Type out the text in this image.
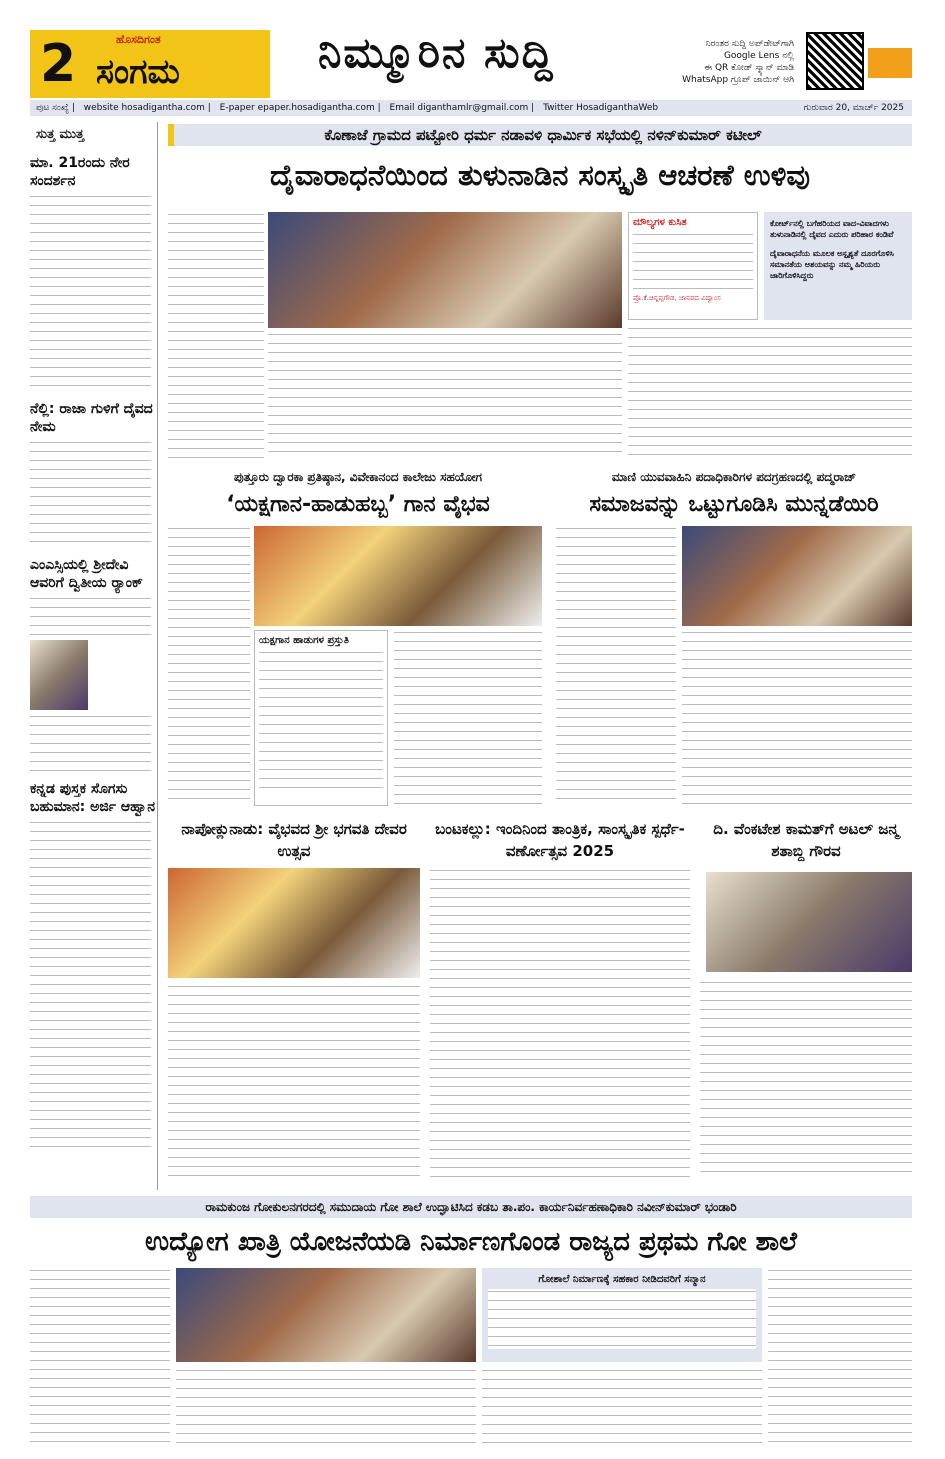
2	ಹೊಸದಿಗಂತ
ಸಂಗಮ	ನಿಮ್ಮೂರಿನ ಸುದ್ದಿ	ನಿರಂತರ ಸುದ್ದಿ ಅಪ್‌ಡೇಟ್‌ಗಾಗಿ
Google Lens ನಲ್ಲಿ
ಈ QR ಕೋಡ್ ಸ್ಕ್ಯಾನ್ ಮಾಡಿ
WhatsApp ಗ್ರೂಪ್ ಜಾಯಿನ್ ಆಗಿ
ಪುಟ ಸಂಖ್ಯೆ | website hosadigantha.com | E-paper epaper.hosadigantha.com | Email diganthamlr@gmail.com | Twitter HosadiganthaWeb	ಗುರುವಾರ 20, ಮಾರ್ಚ್ 2025
ಸುತ್ತ ಮುತ್ತ
ಮಾ. 21ರಂದು ನೇರ ಸಂದರ್ಶನ
ನೆಲ್ಲಿ: ರಾಜಾ ಗುಳಿಗೆ ದೈವದ ನೇಮ
ಎಂಎಸ್ಸಿಯಲ್ಲಿ ಶ್ರೀದೇವಿ ಆವರಿಗೆ ದ್ವಿತೀಯ ರ್‍ಯಾಂಕ್
ಕನ್ನಡ ಪುಸ್ತಕ ಸೊಗಸು ಬಹುಮಾನ: ಅರ್ಜಿ ಆಹ್ವಾನ
ಕೊಣಾಜೆ ಗ್ರಾಮದ ಪಟ್ಟೋರಿ ಧರ್ಮ ನಡಾವಳಿ ಧಾರ್ಮಿಕ ಸಭೆಯಲ್ಲಿ ನಳಿನ್‌ಕುಮಾರ್ ಕಟೀಲ್
ದೈವಾರಾಧನೆಯಿಂದ ತುಳುನಾಡಿನ ಸಂಸ್ಕೃತಿ ಆಚರಣೆ ಉಳಿವು
ಮೌಲ್ಯಗಳ ಕುಸಿತ
ಪ್ರೊ.ಕೆ.ಚಿನ್ನಪ್ಪಗೌಡ, ಜಾನಪದ ವಿದ್ವಾಂಸ
ಕೋರ್ಟ್‌ನಲ್ಲಿ ಬಗೆಹರಿಯದ ವಾದ-ವಿವಾದಗಳು ತುಳುನಾಡಿನಲ್ಲಿ ದೈವದ ಎದುರು ಪರಿಹಾರ ಕಂಡಿವೆ
ದೈವಾರಾಧನೆಯ ಮೂಲಕ ಅಸ್ಪೃಶ್ಯತೆ ದೂರಗೊಳಿಸಿ ಸಮಾನತೆಯ ಆಶಯವನ್ನು ನಮ್ಮ ಹಿರಿಯರು ಜಾರಿಗೊಳಿಸಿದ್ದರು
ಪುತ್ತೂರು ದ್ವಾರಕಾ ಪ್ರತಿಷ್ಠಾನ, ವಿವೇಕಾನಂದ ಕಾಲೇಜು ಸಹಯೋಗ
‘ಯಕ್ಷಗಾನ-ಹಾಡುಹಬ್ಬ’ ಗಾನ ವೈಭವ
ಯಕ್ಷಗಾನ ಹಾಡುಗಳ ಪ್ರಸ್ತುತಿ
ಮಾಣಿ ಯುವವಾಹಿನಿ ಪದಾಧಿಕಾರಿಗಳ ಪದಗ್ರಹಣದಲ್ಲಿ ಪದ್ಮರಾಜ್
ಸಮಾಜವನ್ನು ಒಟ್ಟುಗೂಡಿಸಿ ಮುನ್ನಡೆಯಿರಿ
ನಾಪೋಕ್ಲುನಾಡು: ವೈಭವದ ಶ್ರೀ ಭಗವತಿ ದೇವರ ಉತ್ಸವ
ಬಂಟಕಲ್ಲು: ಇಂದಿನಿಂದ ತಾಂತ್ರಿಕ, ಸಾಂಸ್ಕೃತಿಕ ಸ್ಪರ್ಧೆ-ವರ್ಣೋತ್ಸವ 2025
ದಿ. ವೆಂಕಟೇಶ ಕಾಮತ್‌ಗೆ ಅಟಲ್ ಜನ್ಮ ಶತಾಬ್ದಿ ಗೌರವ
ರಾಮಕುಂಜ ಗೋಕುಲನಗರದಲ್ಲಿ ಸಮುದಾಯ ಗೋ ಶಾಲೆ ಉದ್ಘಾಟಿಸಿದ ಕಡಬ ತಾ.ಪಂ. ಕಾರ್ಯನಿರ್ವಹಣಾಧಿಕಾರಿ ನವೀನ್‌ಕುಮಾರ್ ಭಂಡಾರಿ
ಉದ್ಯೋಗ ಖಾತ್ರಿ ಯೋಜನೆಯಡಿ ನಿರ್ಮಾಣಗೊಂಡ ರಾಜ್ಯದ ಪ್ರಥಮ ಗೋ ಶಾಲೆ
ಗೋಶಾಲೆ ನಿರ್ಮಾಣಕ್ಕೆ ಸಹಕಾರ ನೀಡಿದವರಿಗೆ ಸನ್ಮಾನ
